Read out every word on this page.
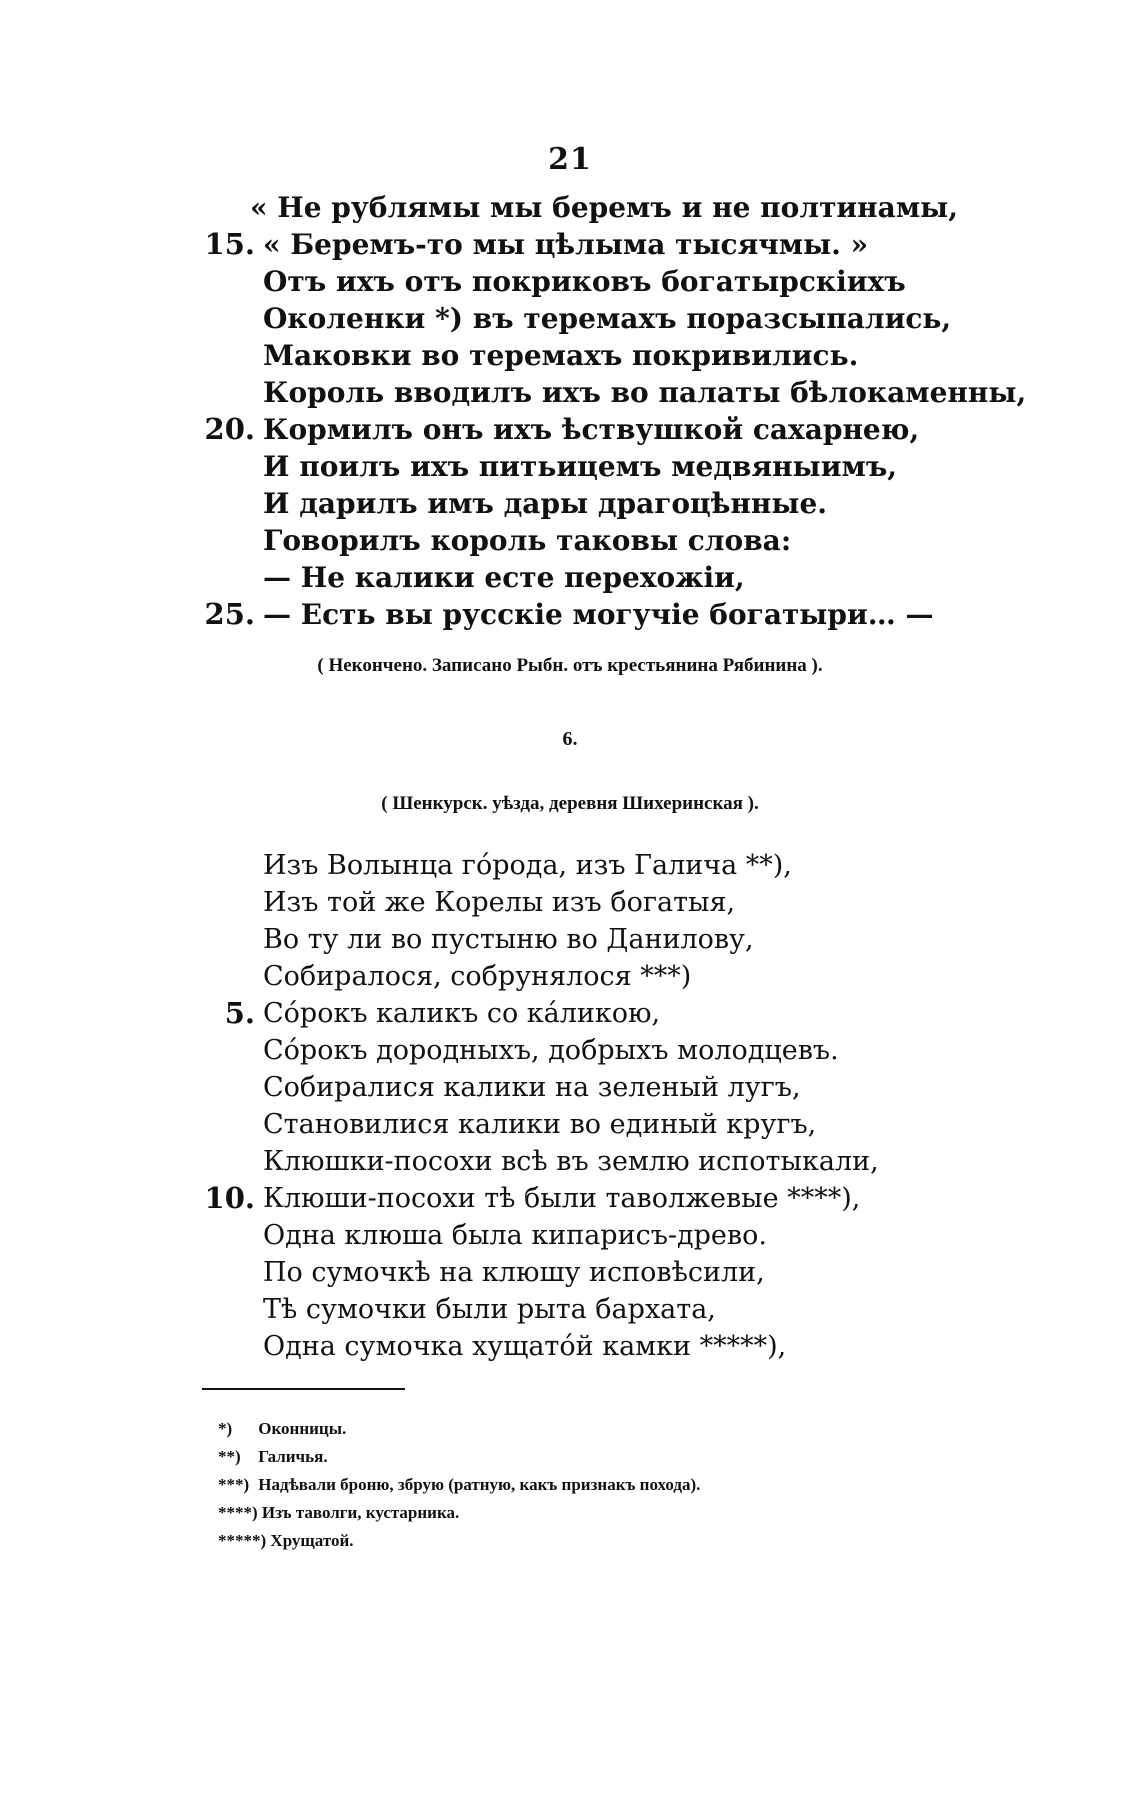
21
« Не рублямы мы беремъ и не полтинамы,
15. « Беремъ-то мы цѣлыма тысячмы. »
Отъ ихъ отъ покриковъ богатырскiихъ
Околенки *) въ теремахъ поразсыпались,
Маковки во теремахъ покривились.
Король вводилъ ихъ во палаты бѣлокаменны,
20. Кормилъ онъ ихъ ѣствушкой сахарнею,
И поилъ ихъ питьицемъ медвяныимъ,
И дарилъ имъ дары драгоцѣнные.
Говорилъ король таковы слова:
— Не калики есте перехожiи,
25. — Есть вы русскiе могучiе богатыри… —
( Неконченo. Записано Рыбн. отъ крестьянина Рябинина ).
6.
( Шенкурск. уѣзда, деревня Шихеринская ).
Изъ Волынца гóрода, изъ Галича **),
Изъ той же Корелы изъ богатыя,
Во ту ли во пустыню во Данилову,
Собиралося, собрунялося ***)
5. Сóрокъ каликъ со кáликою,
Сóрокъ дородныхъ, добрыхъ молодцевъ.
Собиралися калики на зеленый лугъ,
Становилися калики во единый кругъ,
Клюшки-посохи всѣ въ землю испотыкали,
10. Клюши-посохи тѣ были таволжевые ****),
Одна клюша была кипарисъ-древо.
По сумочкѣ на клюшу исповѣсили,
Тѣ сумочки были рыта бархата,
Одна сумочка хущатóй камки *****),
*) Оконницы.
**) Галичья.
***) Надѣвали броню, збрую (ратную, какъ признакъ похода).
****) Изъ таволги, кустарника.
*****) Хрущатой.
